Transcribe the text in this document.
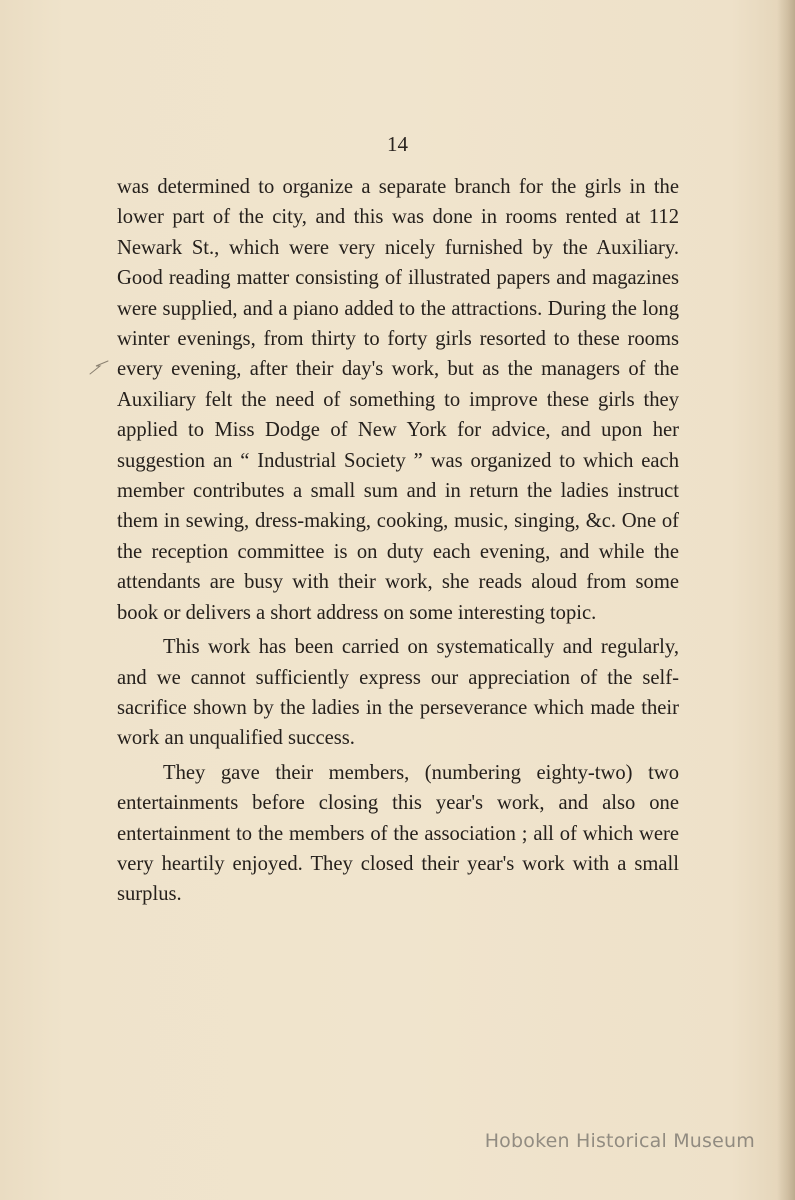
14

was determined to organize a separate branch for the girls in the lower part of the city, and this was done in rooms rented at 112 Newark St., which were very nicely furnished by the Auxiliary. Good reading matter consisting of illustrated papers and magazines were supplied, and a piano added to the attractions. During the long winter evenings, from thirty to forty girls resorted to these rooms every evening, after their day's work, but as the managers of the Auxiliary felt the need of something to improve these girls they applied to Miss Dodge of New York for advice, and upon her suggestion an “ Industrial Society ” was organized to which each member contributes a small sum and in return the ladies instruct them in sewing, dress-making, cooking, music, singing, &c. One of the reception committee is on duty each evening, and while the attendants are busy with their work, she reads aloud from some book or delivers a short address on some interesting topic.

This work has been carried on systematically and regularly, and we cannot sufficiently express our appreciation of the self-sacrifice shown by the ladies in the perseverance which made their work an unqualified success.

They gave their members, (numbering eighty-two) two entertainments before closing this year's work, and also one entertainment to the members of the association ; all of which were very heartily enjoyed. They closed their year's work with a small surplus.

Hoboken Historical Museum
